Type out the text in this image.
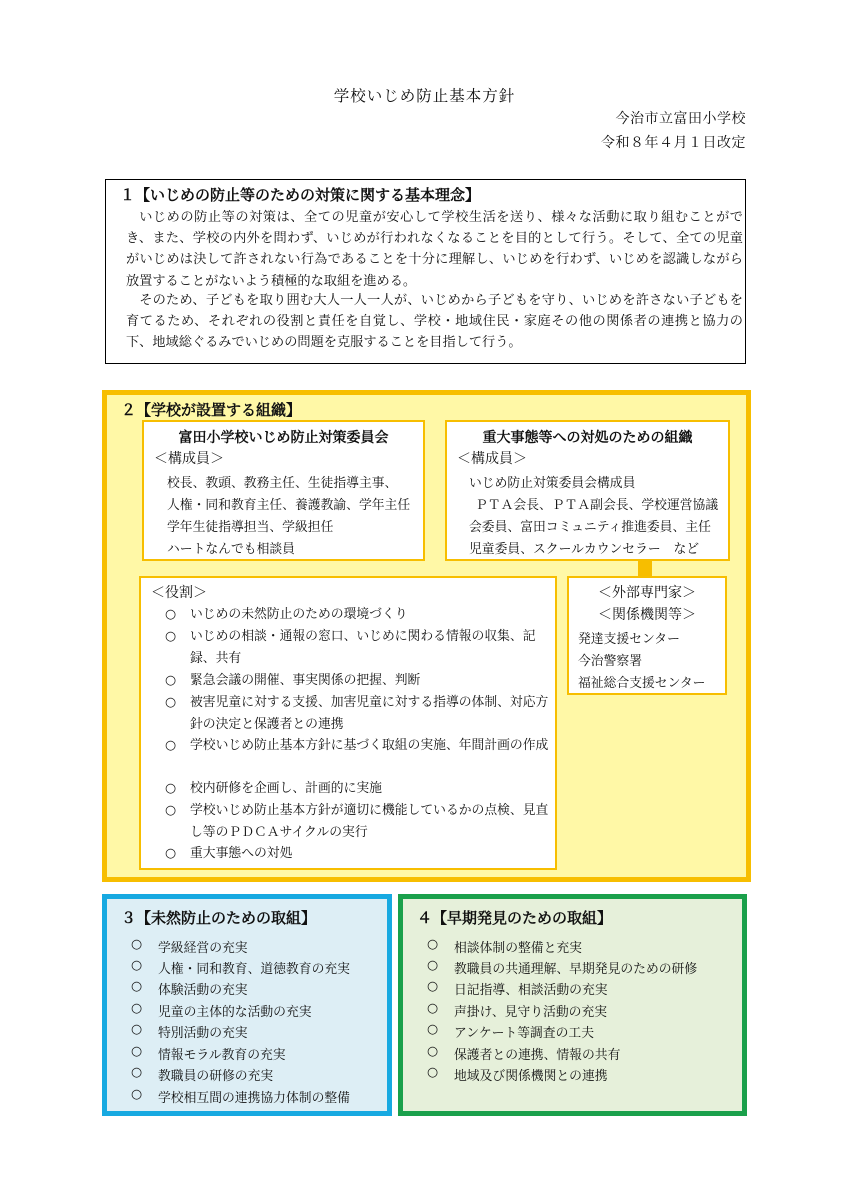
学校いじめ防止基本方針
今治市立富田小学校
令和８年４月１日改定
１【いじめの防止等のための対策に関する基本理念】
いじめの防止等の対策は、全ての児童が安心して学校生活を送り、様々な活動に取り組むことができ、また、学校の内外を問わず、いじめが行われなくなることを目的として行う。そして、全ての児童がいじめは決して許されない行為であることを十分に理解し、いじめを行わず、いじめを認識しながら放置することがないよう積極的な取組を進める。
そのため、子どもを取り囲む大人一人一人が、いじめから子どもを守り、いじめを許さない子どもを育てるため、それぞれの役割と責任を自覚し、学校・地域住民・家庭その他の関係者の連携と協力の下、地域総ぐるみでいじめの問題を克服することを目指して行う。
２【学校が設置する組織】
富田小学校いじめ防止対策委員会
＜構成員＞
校長、教頭、教務主任、生徒指導主事、
人権・同和教育主任、養護教諭、学年主任
学年生徒指導担当、学級担任
ハートなんでも相談員
重大事態等への対処のための組織
＜構成員＞
いじめ防止対策委員会構成員
ＰＴＡ会長、ＰＴＡ副会長、学校運営協議
会委員、富田コミュニティ推進委員、主任
児童委員、スクールカウンセラー　など
＜役割＞
○	いじめの未然防止のための環境づくり
○	いじめの相談・通報の窓口、いじめに関わる情報の収集、記録、共有
○	緊急会議の開催、事実関係の把握、判断
○	被害児童に対する支援、加害児童に対する指導の体制、対応方針の決定と保護者との連携
○	学校いじめ防止基本方針に基づく取組の実施、年間計画の作成
○	校内研修を企画し、計画的に実施
○	学校いじめ防止基本方針が適切に機能しているかの点検、見直し等のＰＤＣＡサイクルの実行
○	重大事態への対処
＜外部専門家＞
＜関係機関等＞
発達支援センター
今治警察署
福祉総合支援センター
３【未然防止のための取組】
○ 学級経営の充実
○ 人権・同和教育、道徳教育の充実
○ 体験活動の充実
○ 児童の主体的な活動の充実
○ 特別活動の充実
○ 情報モラル教育の充実
○ 教職員の研修の充実
○ 学校相互間の連携協力体制の整備
４【早期発見のための取組】
○ 相談体制の整備と充実
○ 教職員の共通理解、早期発見のための研修
○ 日記指導、相談活動の充実
○ 声掛け、見守り活動の充実
○ アンケート等調査の工夫
○ 保護者との連携、情報の共有
○ 地域及び関係機関との連携
